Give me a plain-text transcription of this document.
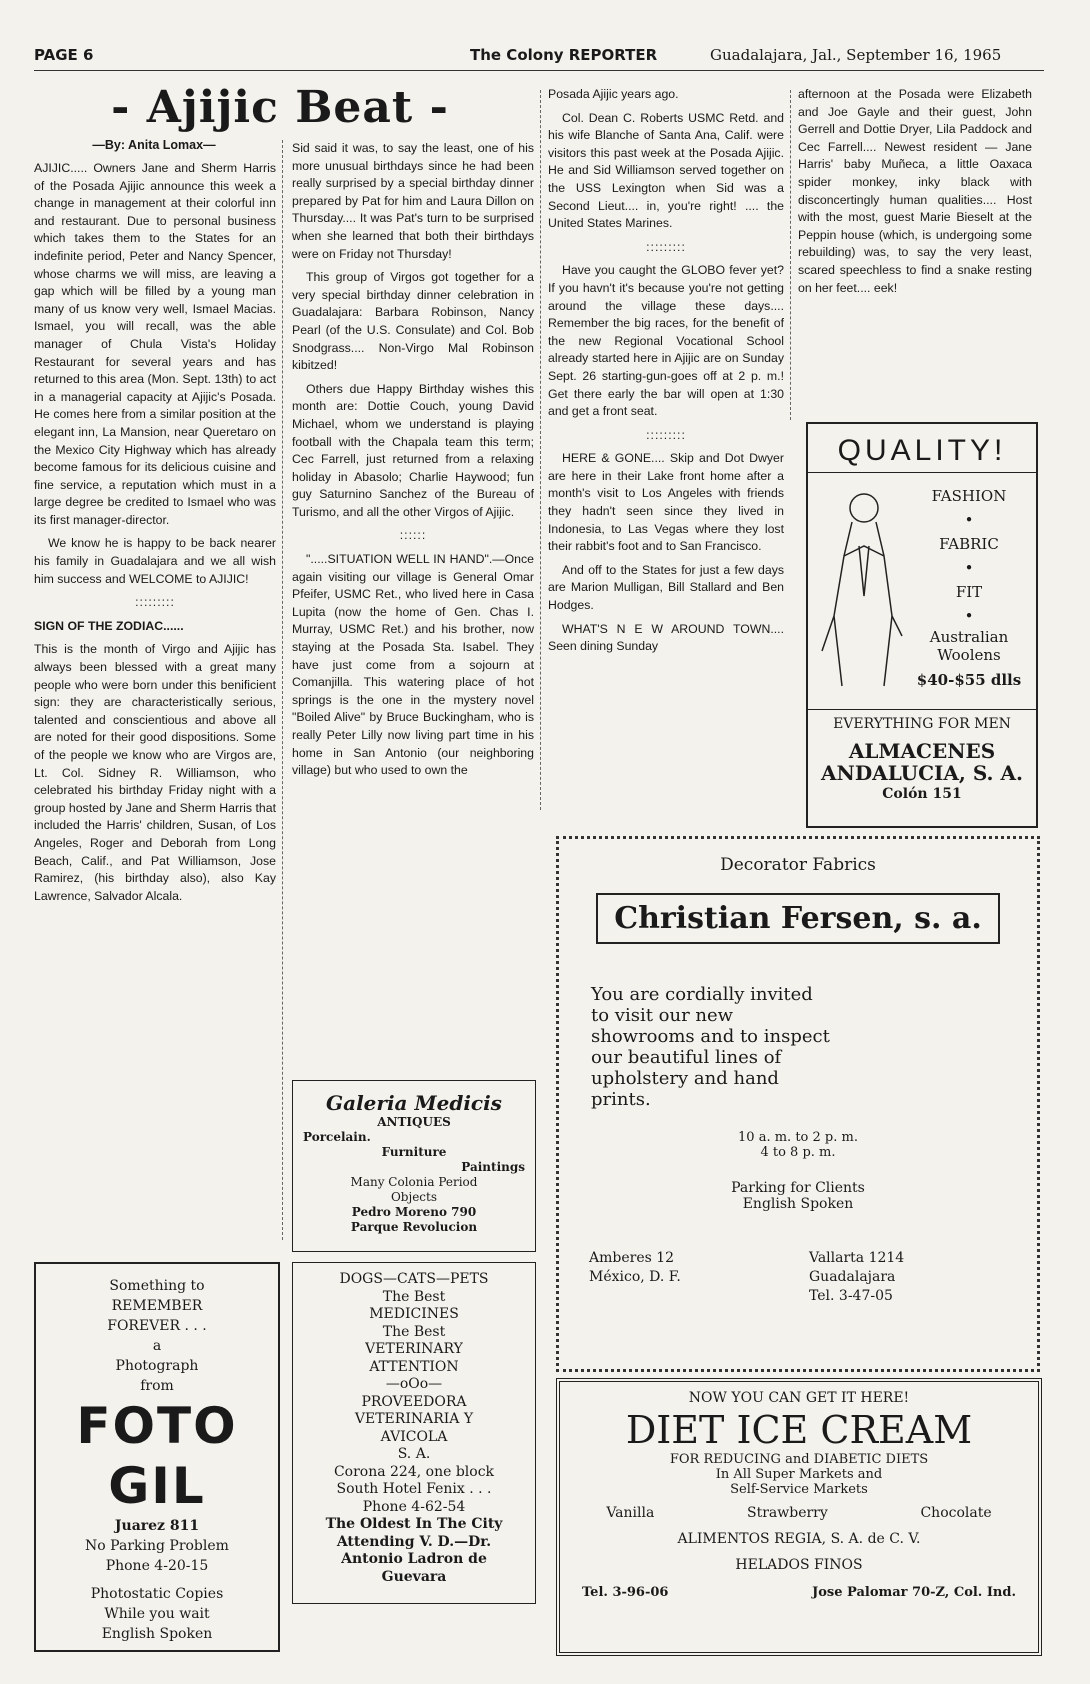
PAGE 6	The Colony REPORTER	Guadalajara, Jal., September 16, 1965
- Ajijic Beat -
—By: Anita Lomax—

AJIJIC..... Owners Jane and Sherm Harris of the Posada Ajijic announce this week a change in management at their colorful inn and restaurant. Due to personal business which takes them to the States for an indefinite period, Peter and Nancy Spencer, whose charms we will miss, are leaving a gap which will be filled by a young man many of us know very well, Ismael Macias. Ismael, you will recall, was the able manager of Chula Vista's Holiday Restaurant for several years and has returned to this area (Mon. Sept. 13th) to act in a managerial capacity at Ajijic's Posada. He comes here from a similar position at the elegant inn, La Mansion, near Queretaro on the Mexico City Highway which has already become famous for its delicious cuisine and fine service, a reputation which must in a large degree be credited to Ismael who was its first manager-director.

We know he is happy to be back nearer his family in Guadalajara and we all wish him success and WELCOME to AJIJIC!

:::::::::

SIGN OF THE ZODIAC......

This is the month of Virgo and Ajijic has always been blessed with a great many people who were born under this benificient sign: they are characteristically serious, talented and conscientious and above all are noted for their good dispositions. Some of the people we know who are Virgos are, Lt. Col. Sidney R. Williamson, who celebrated his birthday Friday night with a group hosted by Jane and Sherm Harris that included the Harris' children, Susan, of Los Angeles, Roger and Deborah from Long Beach, Calif., and Pat Williamson, Jose Ramirez, (his birthday also), also Kay Lawrence, Salvador Alcala.

Sid said it was, to say the least, one of his more unusual birthdays since he had been really surprised by a special birthday dinner prepared by Pat for him and Laura Dillon on Thursday.... It was Pat's turn to be surprised when she learned that both their birthdays were on Friday not Thursday!

This group of Virgos got together for a very special birthday dinner celebration in Guadalajara: Barbara Robinson, Nancy Pearl (of the U.S. Consulate) and Col. Bob Snodgrass.... Non-Virgo Mal Robinson kibitzed!

Others due Happy Birthday wishes this month are: Dottie Couch, young David Michael, whom we understand is playing football with the Chapala team this term; Cec Farrell, just returned from a relaxing holiday in Abasolo; Charlie Haywood; fun guy Saturnino Sanchez of the Bureau of Turismo, and all the other Virgos of Ajijic.

::::::

".....SITUATION WELL IN HAND".—Once again visiting our village is General Omar Pfeifer, USMC Ret., who lived here in Casa Lupita (now the home of Gen. Chas I. Murray, USMC Ret.) and his brother, now staying at the Posada Sta. Isabel. They have just come from a sojourn at Comanjilla. This watering place of hot springs is the one in the mystery novel "Boiled Alive" by Bruce Buckingham, who is really Peter Lilly now living part time in his home in San Antonio (our neighboring village) but who used to own the

Posada Ajijic years ago.

Col. Dean C. Roberts USMC Retd. and his wife Blanche of Santa Ana, Calif. were visitors this past week at the Posada Ajijic. He and Sid Williamson served together on the USS Lexington when Sid was a Second Lieut.... in, you're right! .... the United States Marines.

:::::::::

Have you caught the GLOBO fever yet? If you havn't it's because you're not getting around the village these days.... Remember the big races, for the benefit of the new Regional Vocational School already started here in Ajijic are on Sunday Sept. 26 starting-gun-goes off at 2 p. m.! Get there early the bar will open at 1:30 and get a front seat.

:::::::::

HERE & GONE.... Skip and Dot Dwyer are here in their Lake front home after a month's visit to Los Angeles with friends they hadn't seen since they lived in Indonesia, to Las Vegas where they lost their rabbit's foot and to San Francisco.

And off to the States for just a few days are Marion Mulligan, Bill Stallard and Ben Hodges.

WHAT'S N E W AROUND TOWN.... Seen dining Sunday

afternoon at the Posada were Elizabeth and Joe Gayle and their guest, John Gerrell and Dottie Dryer, Lila Paddock and Cec Farrell.... Newest resident — Jane Harris' baby Muñeca, a little Oaxaca spider monkey, inky black with disconcertingly human qualities.... Host with the most, guest Marie Bieselt at the Peppin house (which, is undergoing some rebuilding) was, to say the very least, scared speechless to find a snake resting on her feet.... eek!

QUALITY!
FASHION
•
FABRIC
•
FIT
•
Australian Woolens
$40-$55 dlls
EVERYTHING FOR MEN
ALMACENES ANDALUCIA, S. A.
Colón 151
Decorator Fabrics
Christian Fersen, s. a.
You are cordially invited to visit our new showrooms and to inspect our beautiful lines of upholstery and hand prints.
10 a. m. to 2 p. m.
4 to 8 p. m.
Parking for Clients
English Spoken
Amberes 12
México, D. F.
Vallarta 1214
Guadalajara
Tel. 3-47-05
NOW YOU CAN GET IT HERE!
DIET ICE CREAM
FOR REDUCING and DIABETIC DIETS
In All Super Markets and
Self-Service Markets
Vanilla	Strawberry	Chocolate
ALIMENTOS REGIA, S. A. de C. V.
HELADOS FINOS
Tel. 3-96-06	Jose Palomar 70-Z, Col. Ind.
Galeria Medicis
ANTIQUES
Porcelain.
Furniture
Paintings
Many Colonia Period
Objects
Pedro Moreno 790
Parque Revolucion
Something to
REMEMBER
FOREVER . . .
a
Photograph
from
FOTO GIL
Juarez 811
No Parking Problem
Phone 4-20-15
Photostatic Copies
While you wait
English Spoken
DOGS—CATS—PETS
The Best
MEDICINES
The Best
VETERINARY
ATTENTION
—oOo—
PROVEEDORA
VETERINARIA Y
AVICOLA
S. A.
Corona 224, one block
South Hotel Fenix . . .
Phone 4-62-54
The Oldest In The City
Attending V. D.—Dr.
Antonio Ladron de
Guevara
